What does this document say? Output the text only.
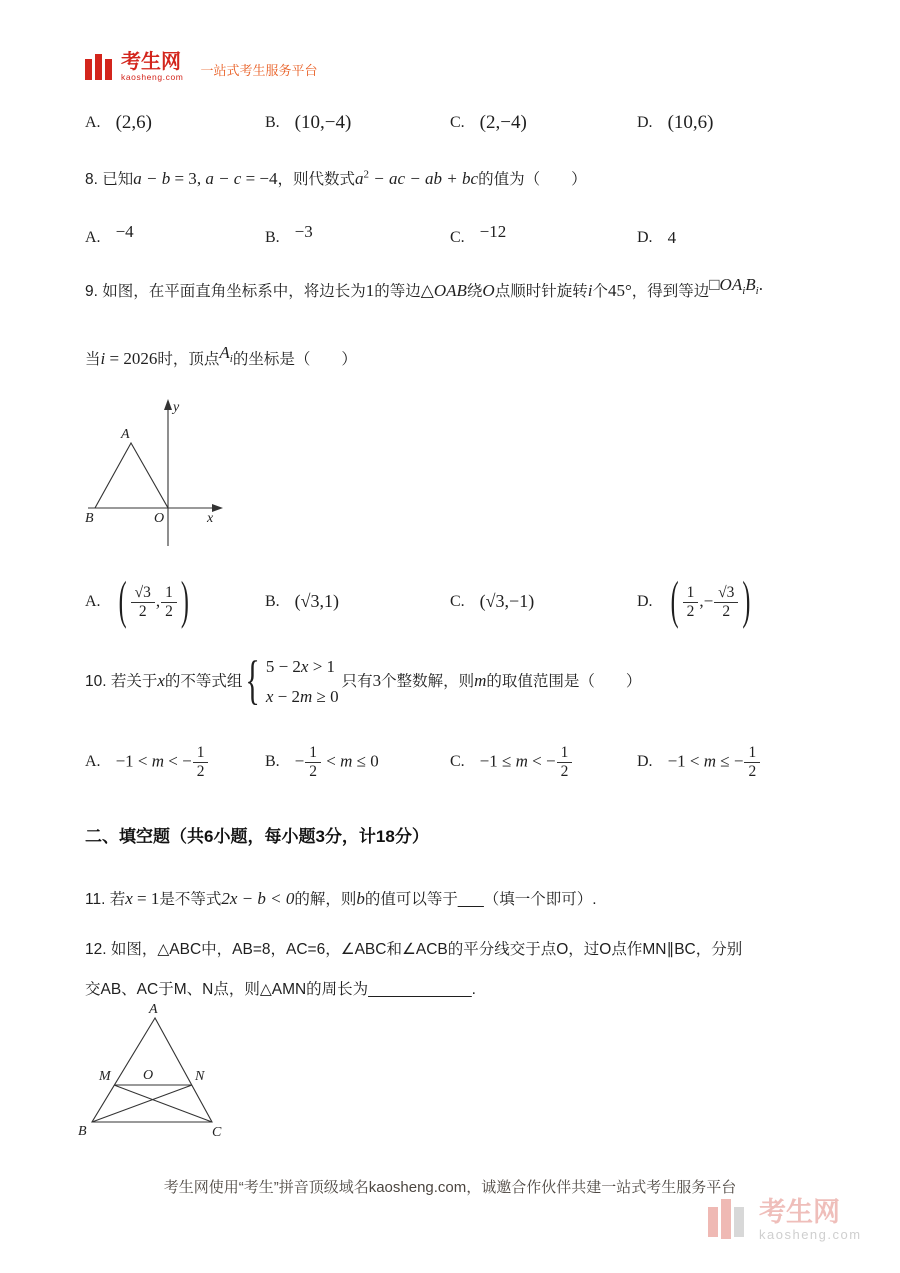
考生网
kaosheng.com 一站式考生服务平台
A. (2,6)	B. (10,−4)	C. (2,−4)	D. (10,6)
8. 已知a − b = 3, a − c = −4，则代数式$a^2$ − ac − ab + bc的值为（　　）
A. −4	B. −3	C. −12	D. 4
9. 如图，在平面直角坐标系中，将边长为1的等边△OAB绕O点顺时针旋转i个45°，得到等边$□OA_iB_i$.
当i = 2026时，顶点$A_i$的坐标是（　　）
y
x
A
B	O
A. ( $\frac{√3}{2}$ , $\frac{1}{2}$ )	B. (√3,1)	C. (√3,−1)	D. ( $\frac{1}{2}$ ,− $\frac{√3}{2}$ )
10. 若关于x的不等式组 { 5 − 2x > 1
x − 2m ≥ 0
只有3个整数解，则m的取值范围是（　　）
A. −1 < m < − $\frac{1}{2}$	B. − $\frac{1}{2} < m \le 0$	C. −1 ≤ m < − $\frac{1}{2}$	D. −1 < m ≤ − $\frac{1}{2}$
二、填空题（共6小题，每小题3分，计18分）
11. 若x = 1是不等式2x − b < 0的解，则b的值可以等于___（填一个即可）.
12. 如图，△ABC中，AB=8，AC=6，∠ABC和∠ACB的平分线交于点O，过O点作MN∥BC，分别
交AB、AC于M、N点，则△AMN的周长为____________.
A
B	C
M	N
O
考生网使用“考生”拼音顶级域名kaosheng.com，诚邀合作伙伴共建一站式考生服务平台
考生网
kaosheng.com
